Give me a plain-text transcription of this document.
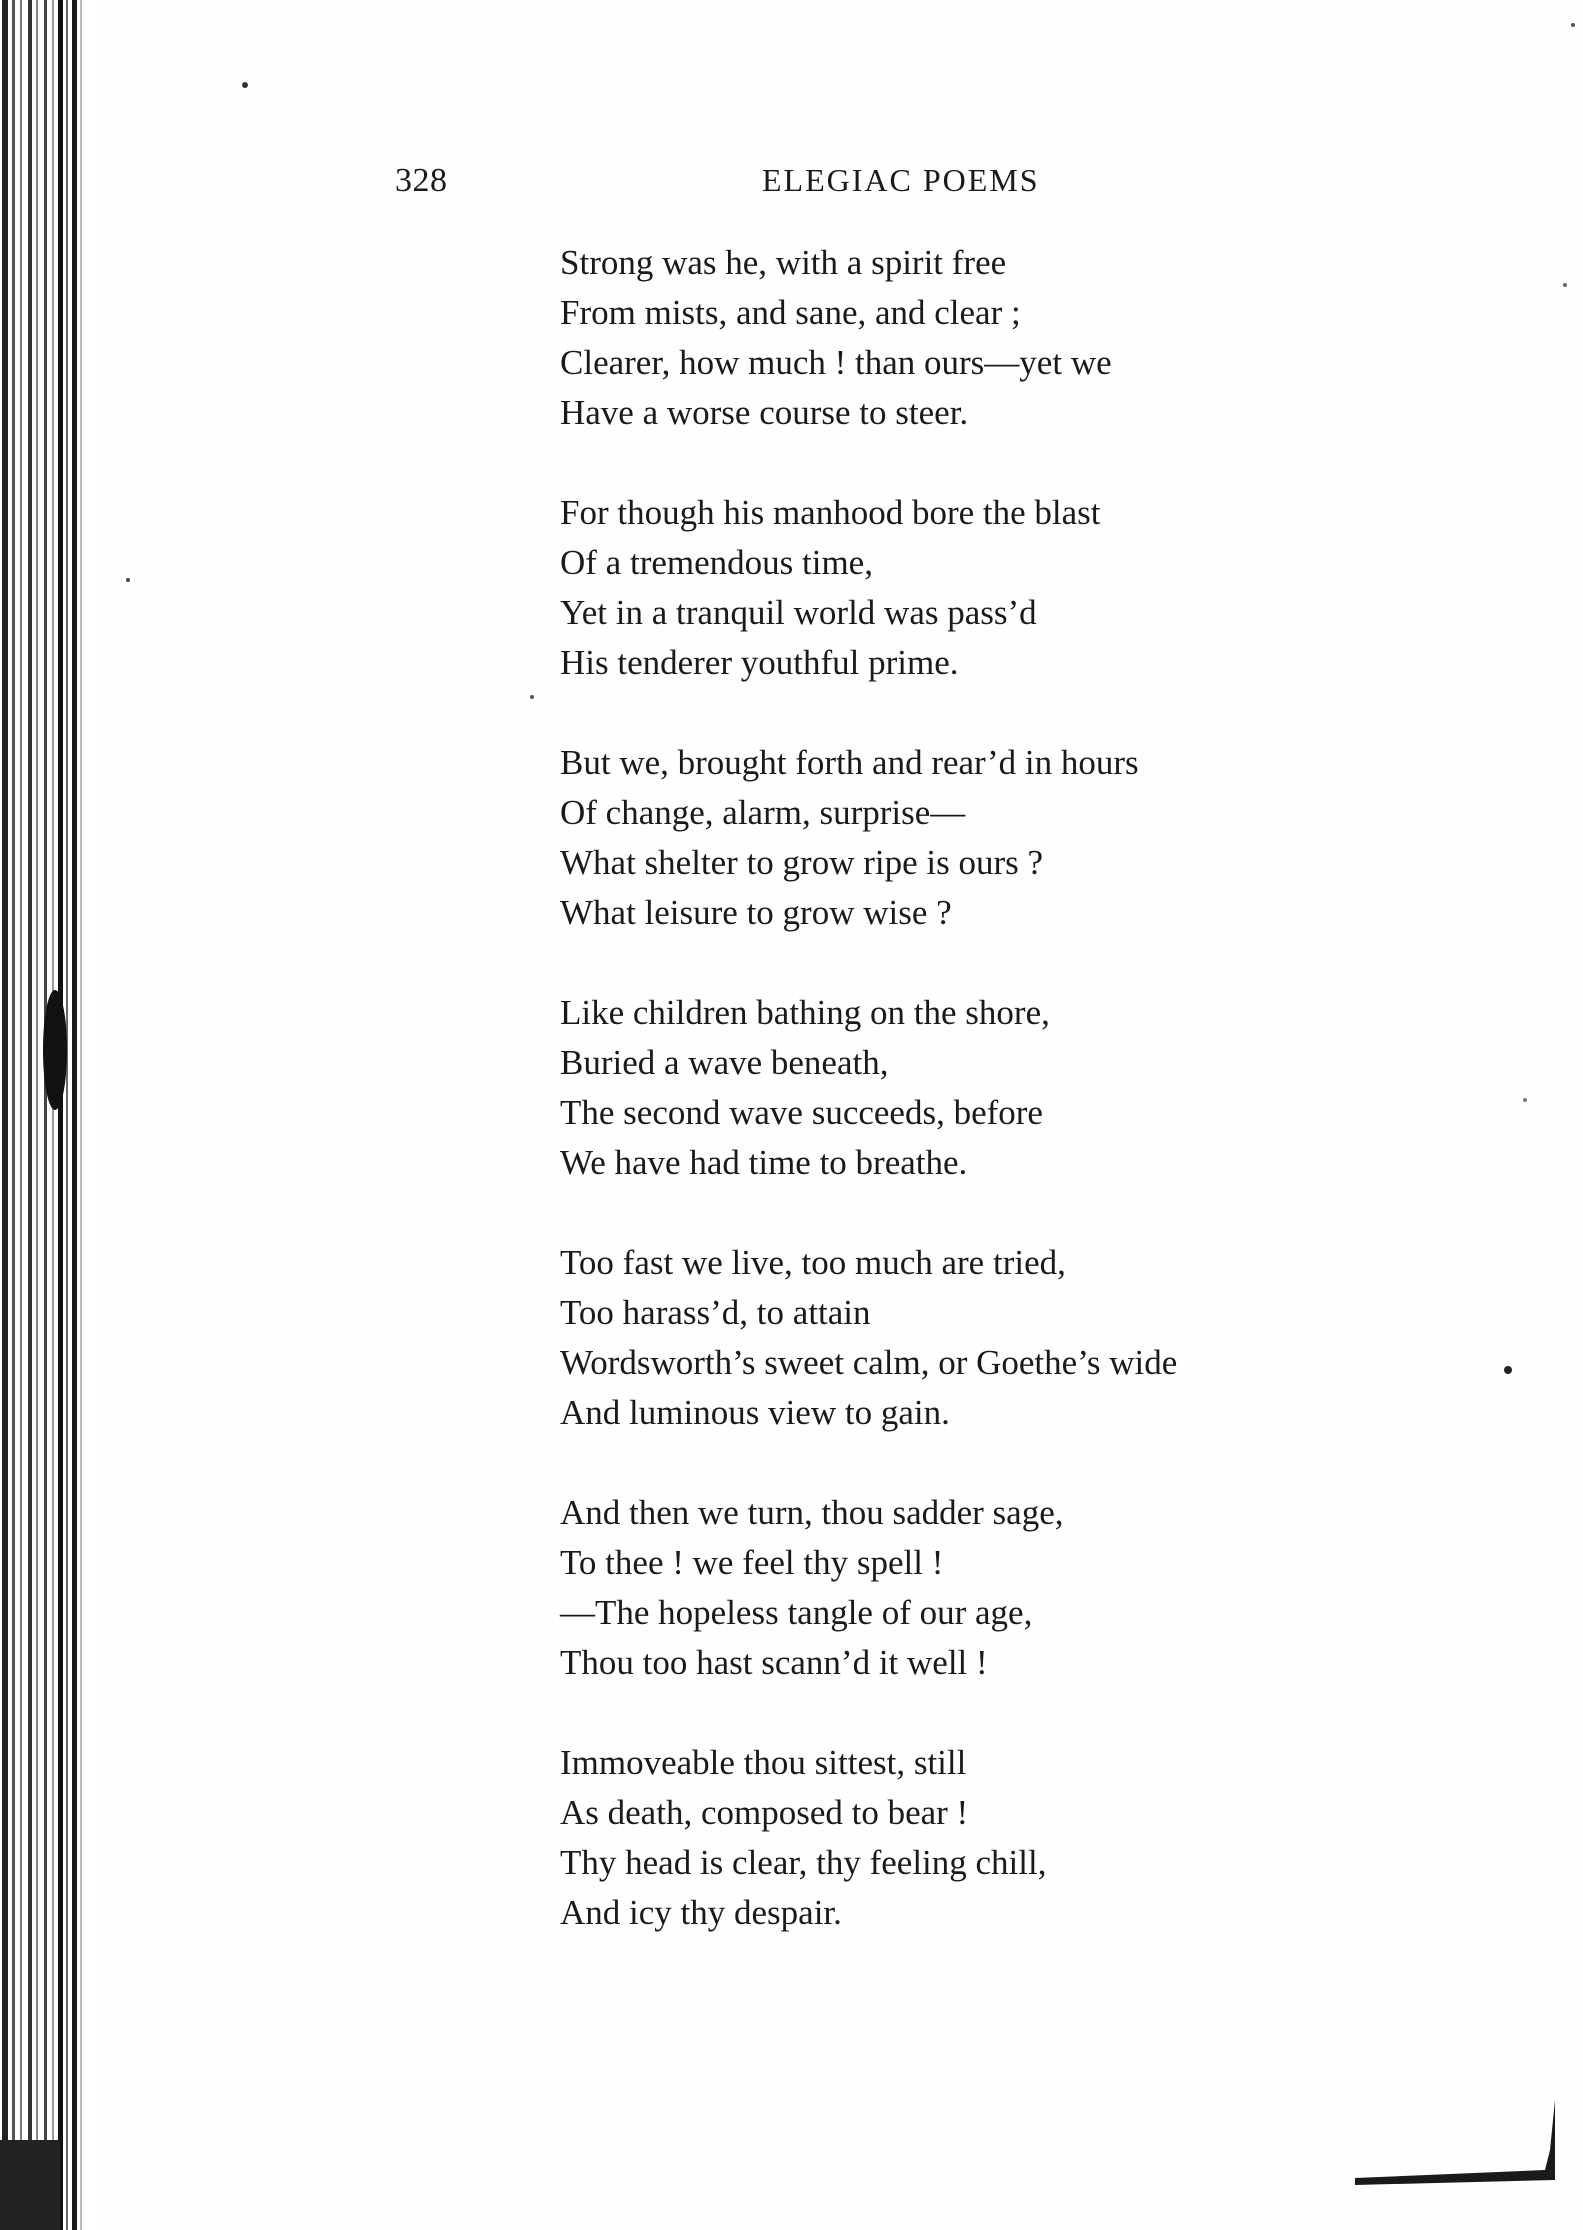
328	ELEGIAC POEMS
Strong was he, with a spirit free
From mists, and sane, and clear ;
Clearer, how much ! than ours—yet we
Have a worse course to steer.
For though his manhood bore the blast
Of a tremendous time,
Yet in a tranquil world was pass’d
His tenderer youthful prime.
But we, brought forth and rear’d in hours
Of change, alarm, surprise—
What shelter to grow ripe is ours ?
What leisure to grow wise ?
Like children bathing on the shore,
Buried a wave beneath,
The second wave succeeds, before
We have had time to breathe.
Too fast we live, too much are tried,
Too harass’d, to attain
Wordsworth’s sweet calm, or Goethe’s wide
And luminous view to gain.
And then we turn, thou sadder sage,
To thee ! we feel thy spell !
—The hopeless tangle of our age,
Thou too hast scann’d it well !
Immoveable thou sittest, still
As death, composed to bear !
Thy head is clear, thy feeling chill,
And icy thy despair.
